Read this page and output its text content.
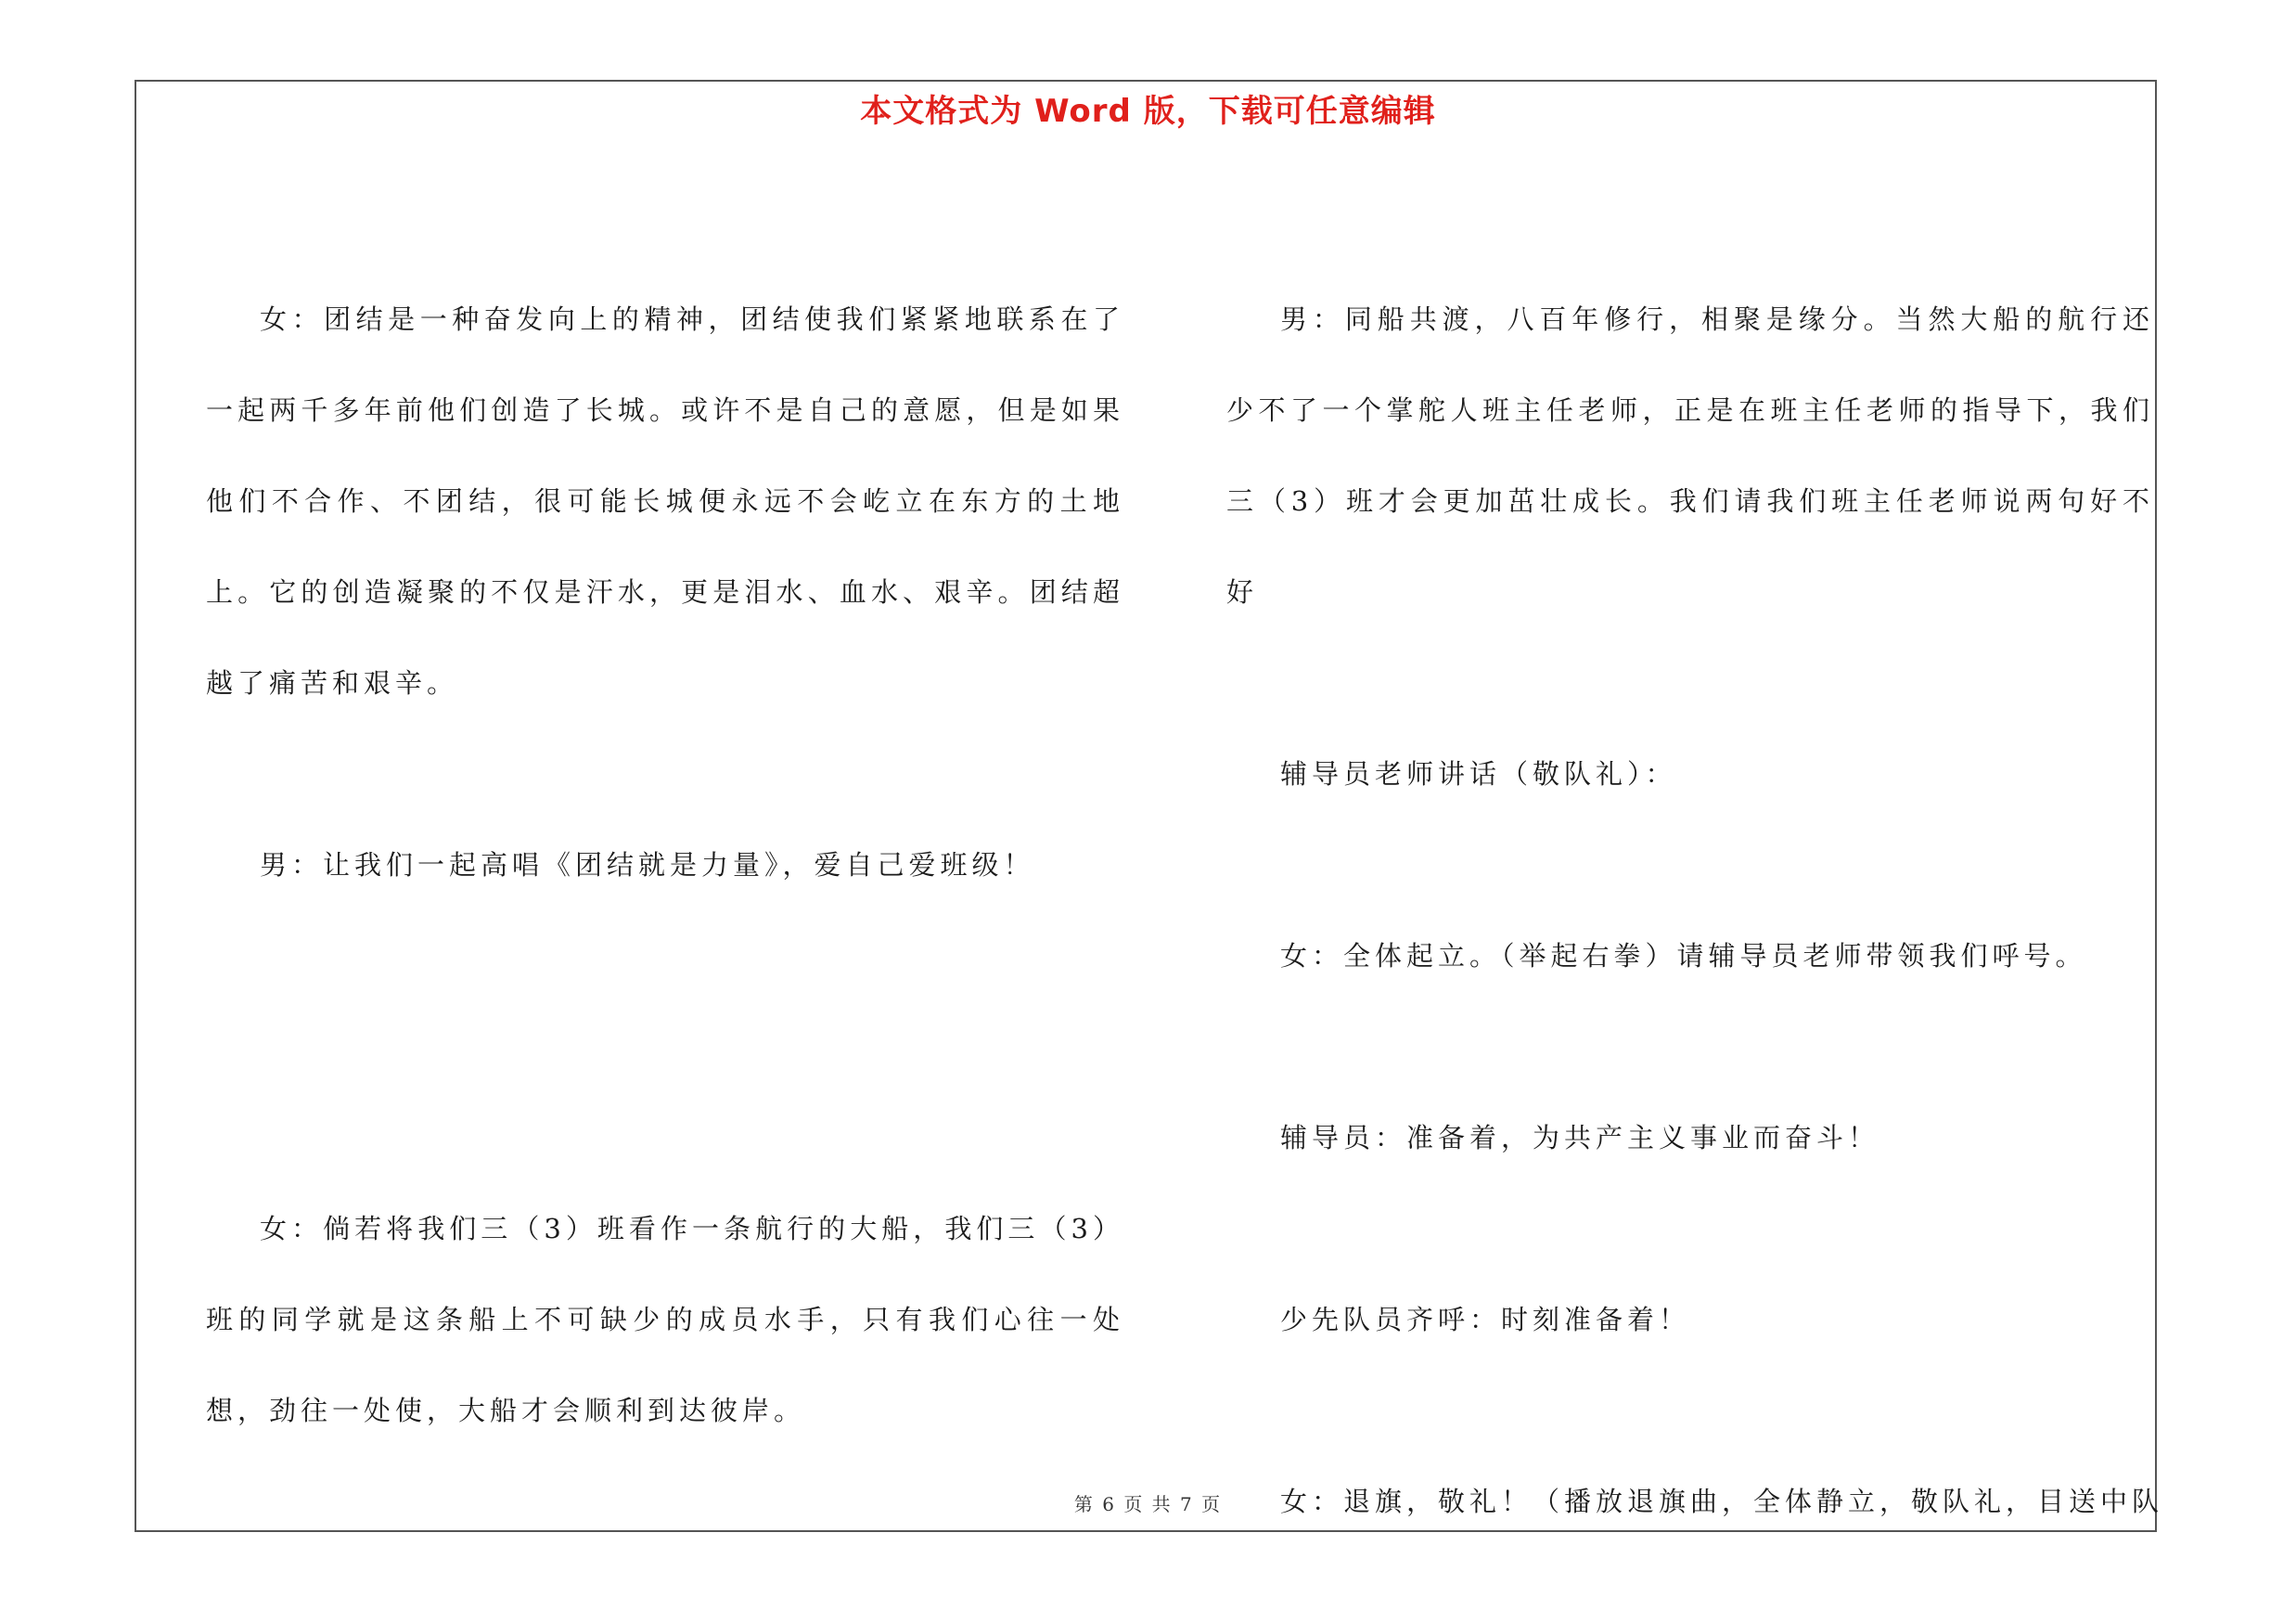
本文格式为 Word 版，下载可任意编辑

女：团结是一种奋发向上的精神，团结使我们紧紧地联系在了一起两千多年前他们创造了长城。或许不是自己的意愿，但是如果他们不合作、不团结，很可能长城便永远不会屹立在东方的土地上。它的创造凝聚的不仅是汗水，更是泪水、血水、艰辛。团结超越了痛苦和艰辛。

男：让我们一起高唱《团结就是力量》，爱自己爱班级！

女：倘若将我们三（3）班看作一条航行的大船，我们三（3）班的同学就是这条船上不可缺少的成员水手，只有我们心往一处想，劲往一处使，大船才会顺利到达彼岸。

男：同船共渡，八百年修行，相聚是缘分。当然大船的航行还少不了一个掌舵人班主任老师，正是在班主任老师的指导下，我们三（3）班才会更加茁壮成长。我们请我们班主任老师说两句好不好

辅导员老师讲话（敬队礼）：

女：全体起立。（举起右拳）请辅导员老师带领我们呼号。

辅导员：准备着，为共产主义事业而奋斗！

少先队员齐呼：时刻准备着！

女：退旗，敬礼！（播放退旗曲，全体静立，敬队礼，目送中队

第 6 页 共 7 页
